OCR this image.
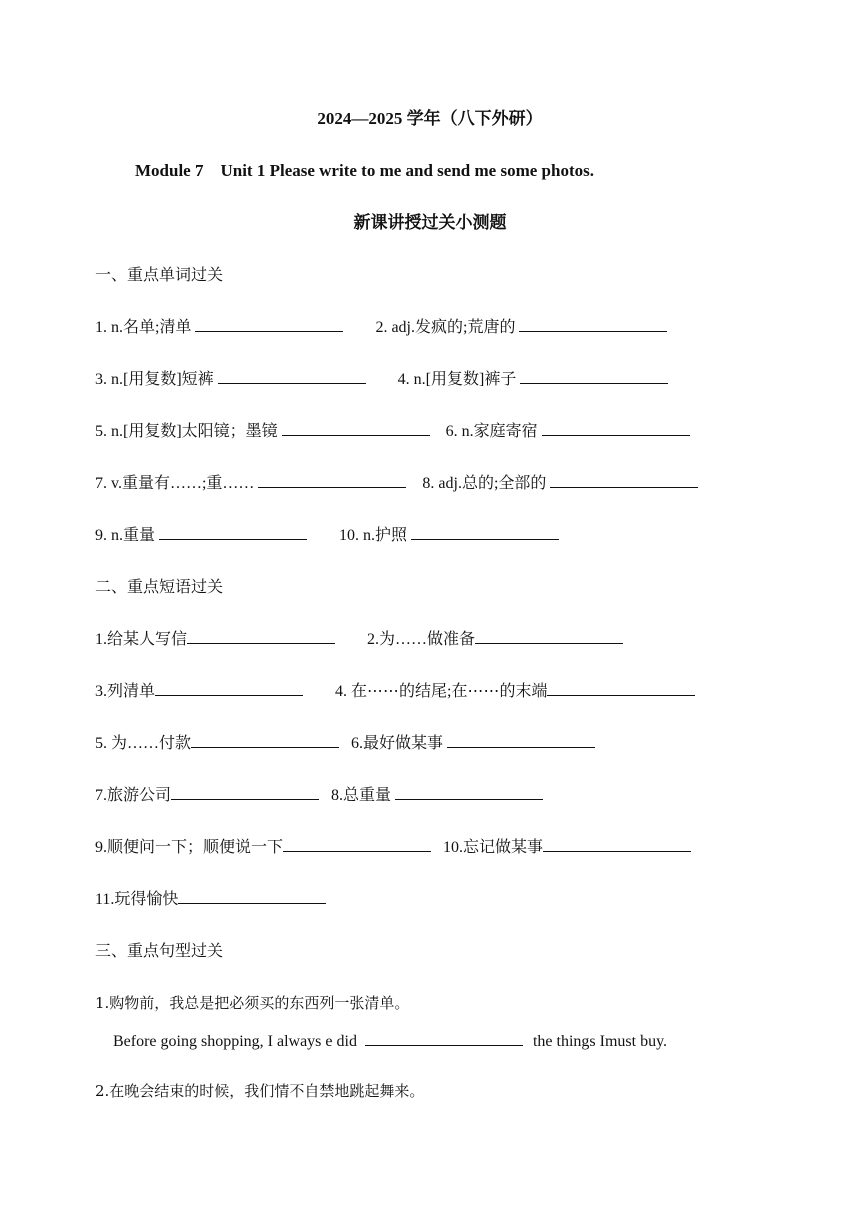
2024—2025 学年（八下外研）
Module 7　Unit 1 Please write to me and send me some photos.
新课讲授过关小测题
一、重点单词过关
1. n.名单;清单	2. adj.发疯的;荒唐的
3. n.[用复数]短裤	4. n.[用复数]裤子
5. n.[用复数]太阳镜；墨镜	6. n.家庭寄宿
7. v.重量有……;重……	8. adj.总的;全部的
9. n.重量	10. n.护照
二、重点短语过关
1.给某人写信	2.为……做准备
3.列清单	4. 在⋯⋯的结尾;在⋯⋯的末端
5. 为……付款	6.最好做某事
7.旅游公司	8.总重量
9.顺便问一下；顺便说一下	10.忘记做某事
11.玩得愉快
三、重点句型过关
1.购物前，我总是把必须买的东西列一张清单。
Before going shopping, I always e did	the things Imust buy.
2.在晚会结束的时候，我们情不自禁地跳起舞来。
